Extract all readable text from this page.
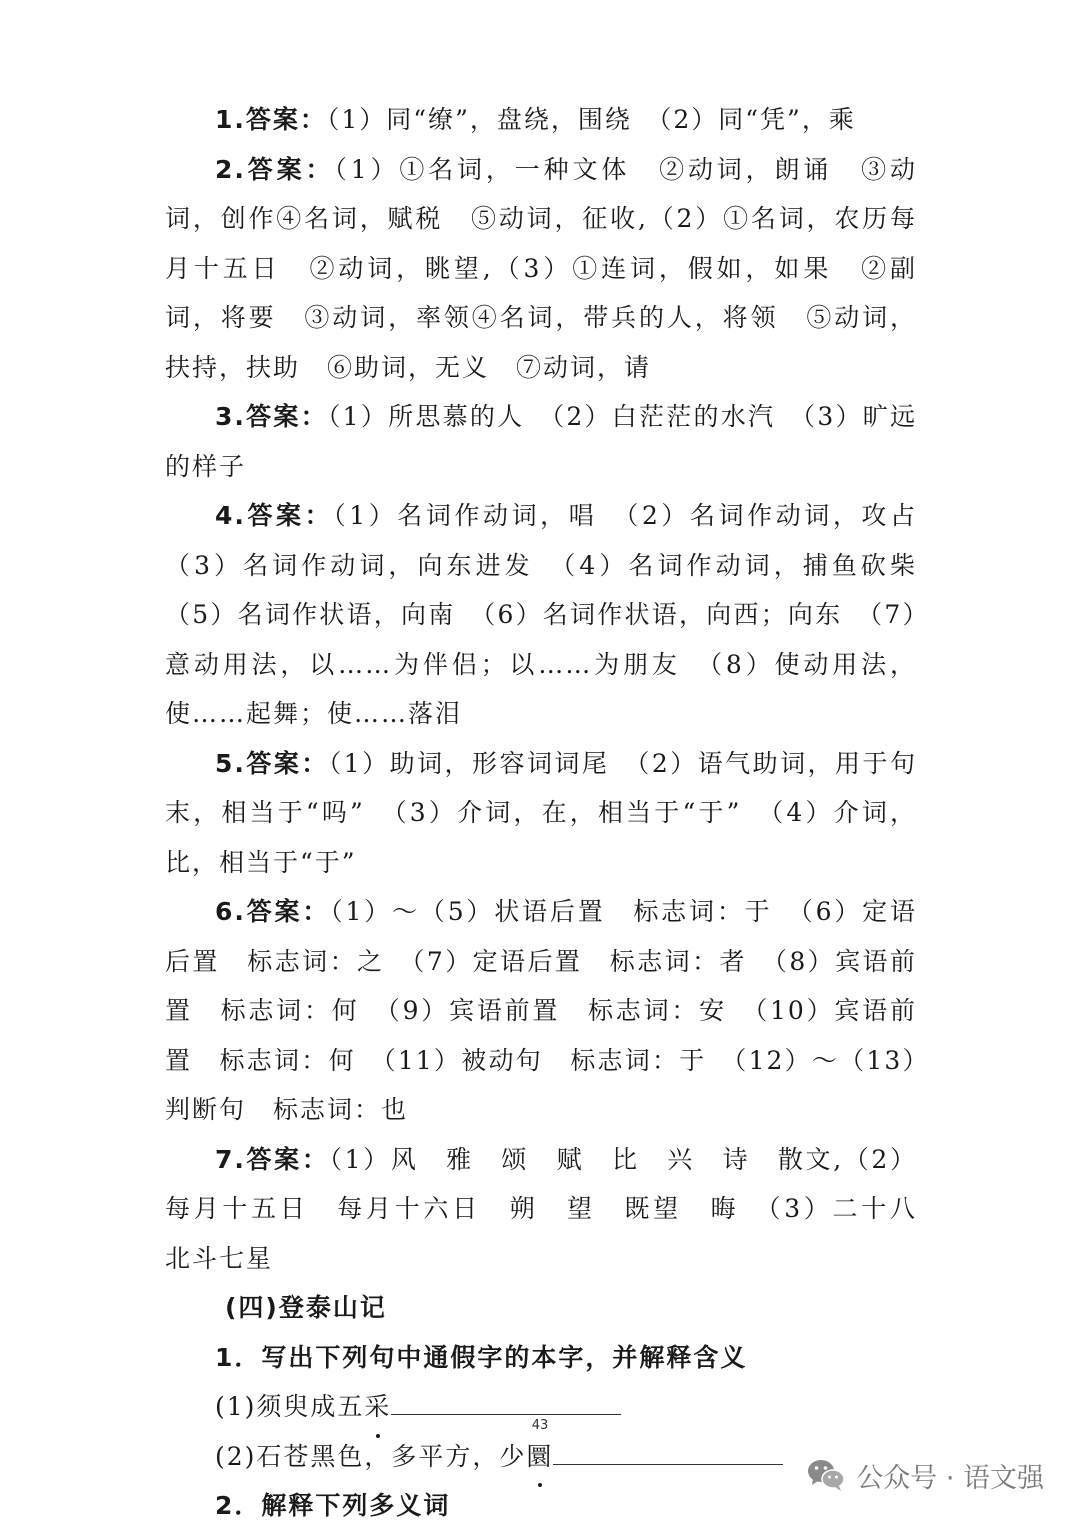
1.答案：（1）同“缭”，盘绕，围绕　（2）同“凭”，乘

2.答案：（1）①名词，一种文体　②动词，朗诵　③动词，创作④名词，赋税　⑤动词，征收,（2）①名词，农历每月十五日　②动词，眺望,（3）①连词，假如，如果　②副词，将要　③动词，率领④名词，带兵的人，将领　⑤动词，扶持，扶助　⑥助词，无义　⑦动词，请

3.答案：（1）所思慕的人　（2）白茫茫的水汽　（3）旷远的样子

4.答案：（1）名词作动词，唱　（2）名词作动词，攻占　（3）名词作动词，向东进发　（4）名词作动词，捕鱼砍柴　（5）名词作状语，向南　（6）名词作状语，向西；向东　（7）意动用法，以……为伴侣；以……为朋友　（8）使动用法，使……起舞；使……落泪

5.答案：（1）助词，形容词词尾　（2）语气助词，用于句末，相当于“吗”　（3）介词，在，相当于“于”　（4）介词，比，相当于“于”

6.答案：（1）～（5）状语后置　标志词：于　（6）定语后置　标志词：之　（7）定语后置　标志词：者　（8）宾语前置　标志词：何　（9）宾语前置　标志词：安　（10）宾语前置　标志词：何　（11）被动句　标志词：于　（12）～（13）判断句　标志词：也

7.答案：（1）风　雅　颂　赋　比　兴　诗　散文,（2）每月十五日　每月十六日　朔　望　既望　晦　（3）二十八　北斗七星

(四)登泰山记

1．写出下列句中通假字的本字，并解释含义

(1)须臾成五采

(2)石苍黑色，多平方，少圜

2．解释下列多义词

43
公众号 · 语文强
